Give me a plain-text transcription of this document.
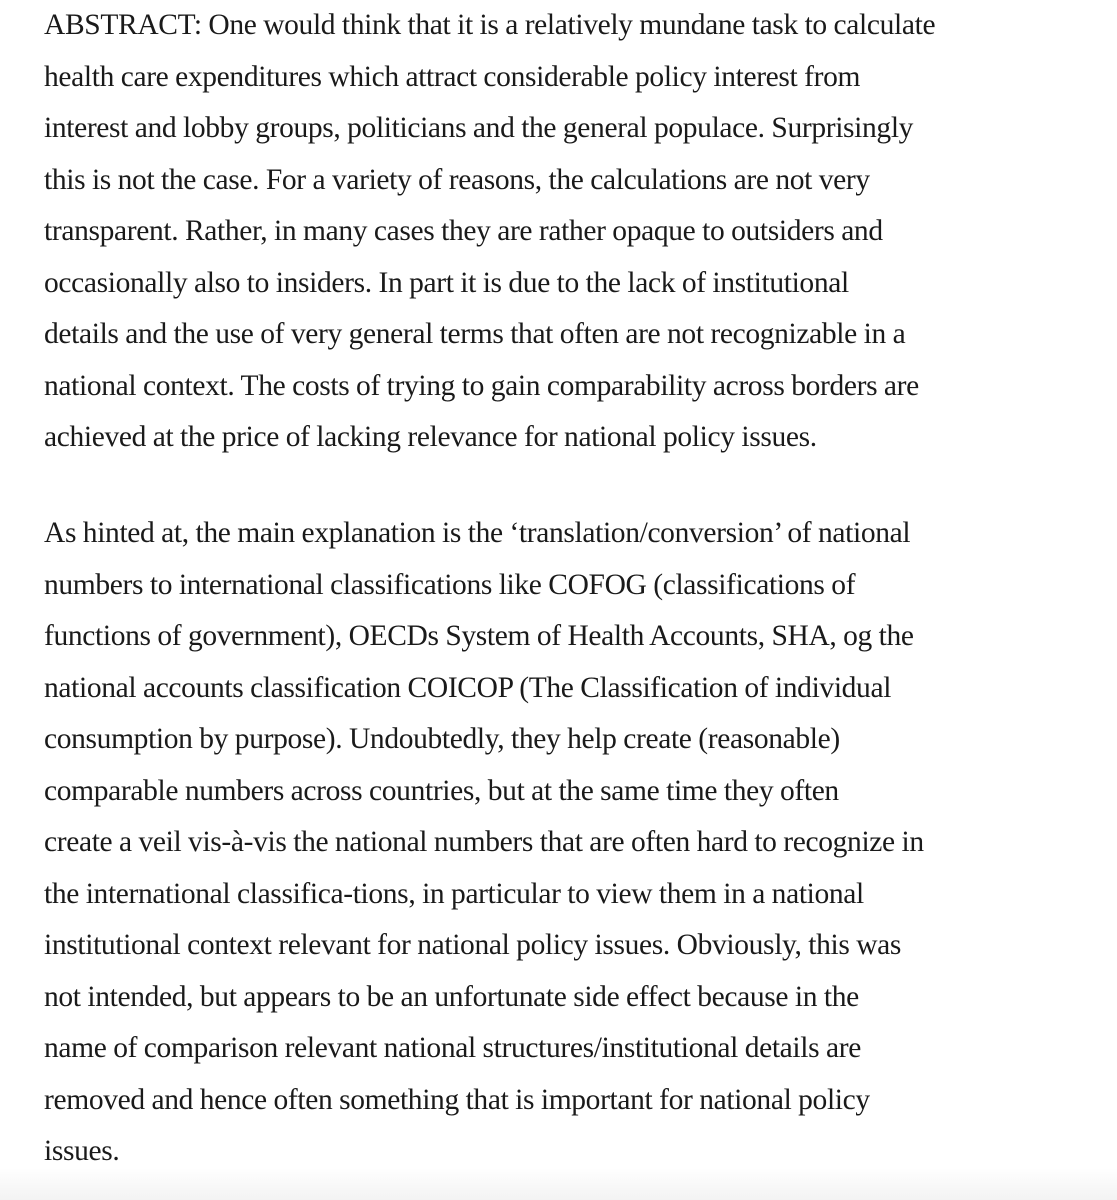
ABSTRACT: One would think that it is a relatively mundane task to calculate
health care expenditures which attract considerable policy interest from
interest and lobby groups, politicians and the general populace. Surprisingly
this is not the case. For a variety of reasons, the calculations are not very
transparent. Rather, in many cases they are rather opaque to outsiders and
occasionally also to insiders. In part it is due to the lack of institutional
details and the use of very general terms that often are not recognizable in a
national context. The costs of trying to gain comparability across borders are
achieved at the price of lacking relevance for national policy issues.

As hinted at, the main explanation is the ‘translation/conversion’ of national
numbers to international classifications like COFOG (classifications of
functions of government), OECDs System of Health Accounts, SHA, og the
national accounts classification COICOP (The Classification of individual
consumption by purpose). Undoubtedly, they help create (reasonable)
comparable numbers across countries, but at the same time they often
create a veil vis-à-vis the national numbers that are often hard to recognize in
the international classifica-tions, in particular to view them in a national
institutional context relevant for national policy issues. Obviously, this was
not intended, but appears to be an unfortunate side effect because in the
name of comparison relevant national structures/institutional details are
removed and hence often something that is important for national policy
issues.
